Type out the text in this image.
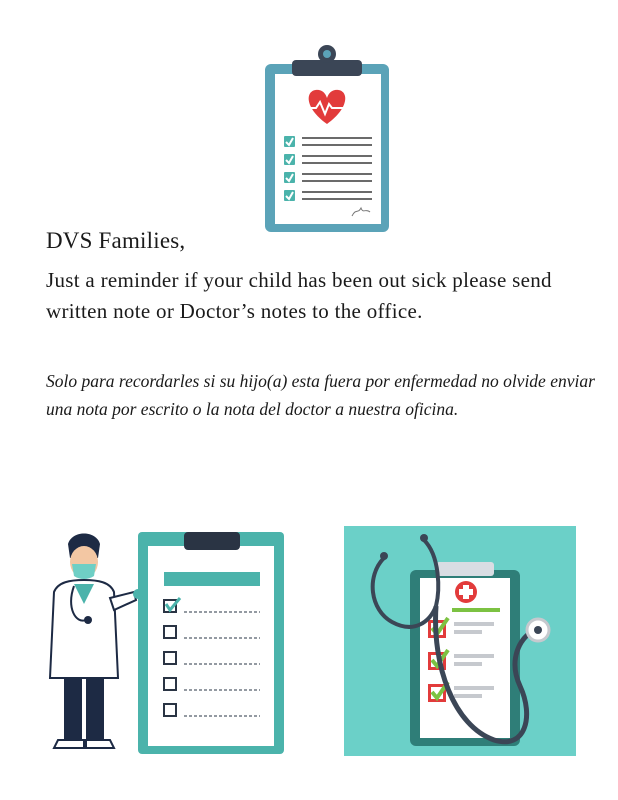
DVS Families,
Just a reminder if your child has been out sick please send written note or Doctor’s notes to the office.
Solo para recordarles si su hijo(a) esta fuera por enfermedad no olvide enviar una nota por escrito o la nota del doctor a nuestra oficina.
